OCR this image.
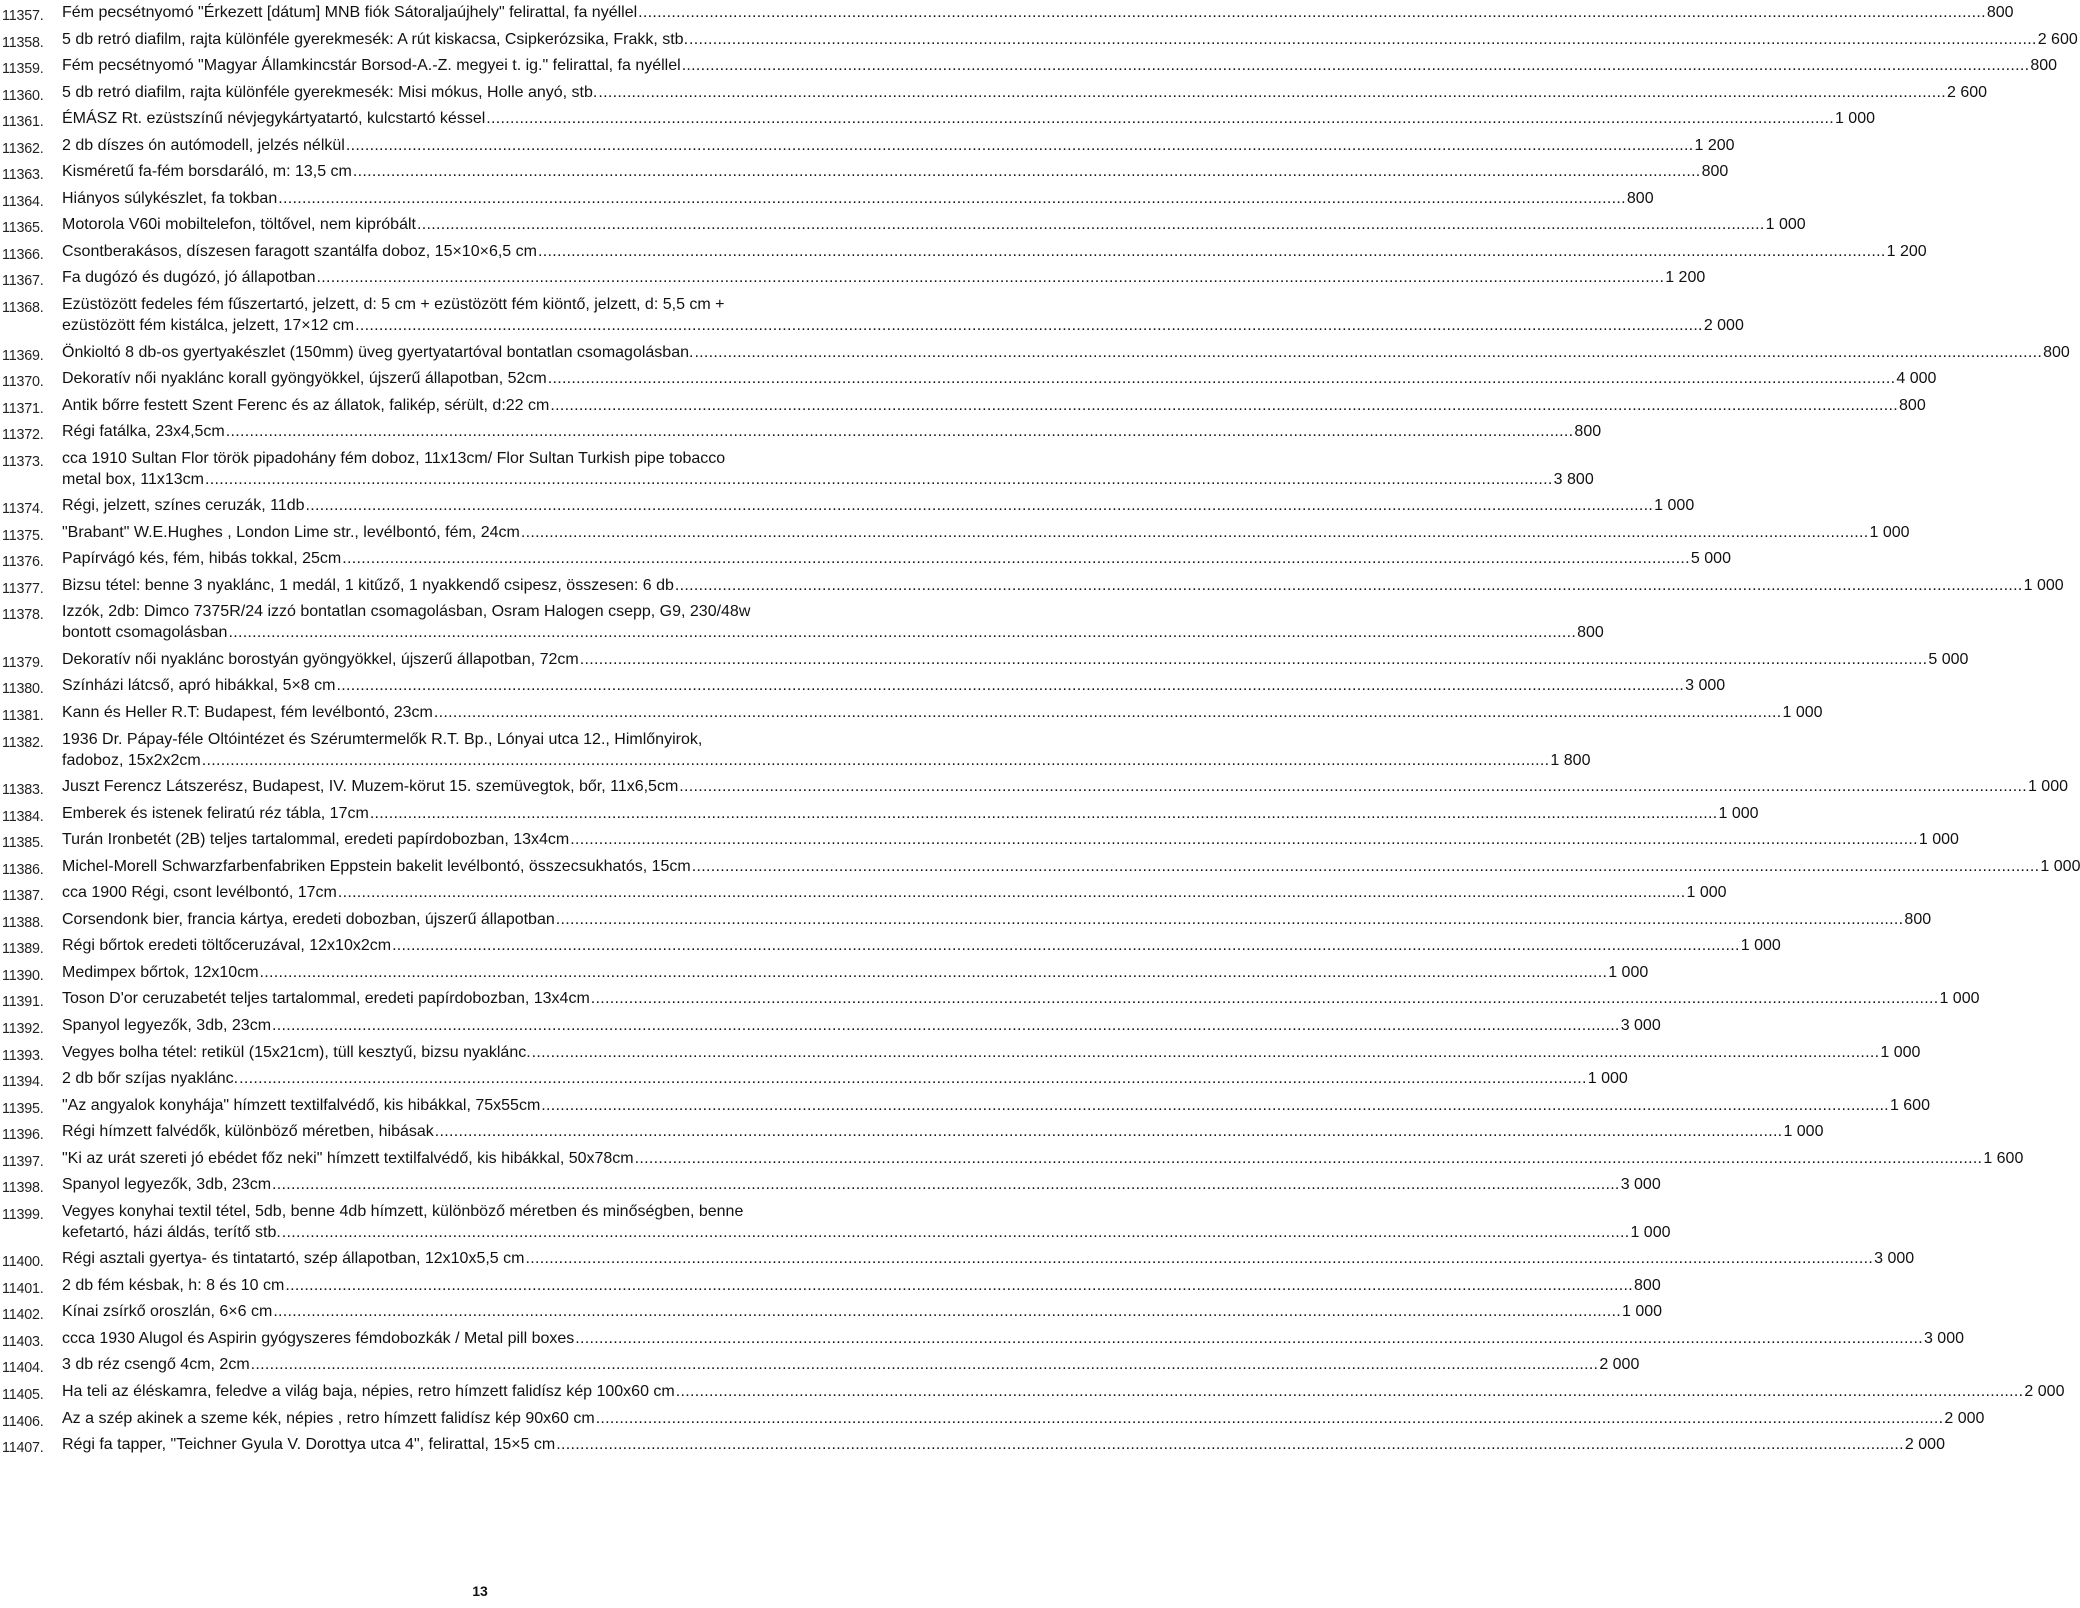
11357. Fém pecsétnyomó "Érkezett [dátum] MNB fiók Sátoraljaújhely" felirattal, fa nyéllel .....	800
11358. 5 db retró diafilm, rajta különféle gyerekmesék: A rút kiskacsa, Csipkerózsika, Frakk, stb. .....	2 600
11359. Fém pecsétnyomó "Magyar Államkincstár Borsod-A.-Z. megyei t. ig." felirattal, fa nyéllel .....	800
11360. 5 db retró diafilm, rajta különféle gyerekmesék: Misi mókus, Holle anyó, stb. .....	2 600
11361. ÉMÁSZ Rt. ezüstszínű névjegykártyatartó, kulcstartó késsel .....	1 000
11362. 2 db díszes ón autómodell, jelzés nélkül .....	1 200
11363. Kisméretű fa-fém borsdaráló, m: 13,5 cm .....	800
11364. Hiányos súlykészlet, fa tokban .....	800
11365. Motorola V60i mobiltelefon, töltővel, nem kipróbált .....	1 000
11366. Csontberakásos, díszesen faragott szantálfa doboz, 15×10×6,5 cm .....	1 200
11367. Fa dugózó és dugózó, jó állapotban .....	1 200
11368. Ezüstözött fedeles fém fűszertartó, jelzett, d: 5 cm + ezüstözött fém kiöntő, jelzett, d: 5,5 cm +
ezüstözött fém kistálca, jelzett, 17×12 cm .....	2 000
11369. Önkioltó 8 db-os gyertyakészlet (150mm) üveg gyertyatartóval bontatlan csomagolásban. .....	800
11370. Dekoratív női nyaklánc korall gyöngyökkel, újszerű állapotban, 52cm .....	4 000
11371. Antik bőrre festett Szent Ferenc és az állatok, falikép, sérült, d:22 cm .....	800
11372. Régi fatálka, 23x4,5cm .....	800
11373. cca 1910 Sultan Flor török pipadohány fém doboz, 11x13cm/ Flor Sultan Turkish pipe tobacco
metal box, 11x13cm .....	3 800
11374. Régi, jelzett, színes ceruzák, 11db .....	1 000
11375. "Brabant" W.E.Hughes , London Lime str., levélbontó, fém, 24cm .....	1 000
11376. Papírvágó kés, fém, hibás tokkal, 25cm .....	5 000
11377. Bizsu tétel: benne 3 nyaklánc, 1 medál, 1 kitűző, 1 nyakkendő csipesz, összesen: 6 db .....	1 000
11378. Izzók, 2db: Dimco 7375R/24 izzó bontatlan csomagolásban, Osram Halogen csepp, G9, 230/48w
bontott csomagolásban .....	800
11379. Dekoratív női nyaklánc borostyán gyöngyökkel, újszerű állapotban, 72cm .....	5 000
11380. Színházi látcső, apró hibákkal, 5×8 cm .....	3 000
11381. Kann és Heller R.T: Budapest, fém levélbontó, 23cm .....	1 000
11382. 1936 Dr. Pápay-féle Oltóintézet és Szérumtermelők R.T. Bp., Lónyai utca 12., Himlőnyirok,
fadoboz, 15x2x2cm .....	1 800
11383. Juszt Ferencz Látszerész, Budapest, IV. Muzem-körut 15. szemüvegtok, bőr, 11x6,5cm .....	1 000
11384. Emberek és istenek feliratú réz tábla, 17cm .....	1 000
11385. Turán Ironbetét (2B) teljes tartalommal, eredeti papírdobozban, 13x4cm .....	1 000
11386. Michel-Morell Schwarzfarbenfabriken Eppstein bakelit levélbontó, összecsukhatós, 15cm .....	1 000
11387. cca 1900 Régi, csont levélbontó, 17cm .....	1 000
11388. Corsendonk bier, francia kártya, eredeti dobozban, újszerű állapotban .....	800
11389. Régi bőrtok eredeti töltőceruzával, 12x10x2cm .....	1 000
11390. Medimpex bőrtok, 12x10cm .....	1 000
11391. Toson D'or ceruzabetét teljes tartalommal, eredeti papírdobozban, 13x4cm .....	1 000
11392. Spanyol legyezők, 3db, 23cm .....	3 000
11393. Vegyes bolha tétel: retikül (15x21cm), tüll kesztyű, bizsu nyaklánc. .....	1 000
11394. 2 db bőr szíjas nyaklánc. .....	1 000
11395. "Az angyalok konyhája" hímzett textilfalvédő, kis hibákkal, 75x55cm .....	1 600
11396. Régi hímzett falvédők, különböző méretben, hibásak .....	1 000
11397. "Ki az urát szereti jó ebédet főz neki" hímzett textilfalvédő, kis hibákkal, 50x78cm .....	1 600
11398. Spanyol legyezők, 3db, 23cm .....	3 000
11399. Vegyes konyhai textil tétel, 5db, benne 4db hímzett, különböző méretben és minőségben, benne
kefetartó, házi áldás, terítő stb. .....	1 000
11400. Régi asztali gyertya- és tintatartó, szép állapotban, 12x10x5,5 cm .....	3 000
11401. 2 db fém késbak, h: 8 és 10 cm .....	800
11402. Kínai zsírkő oroszlán, 6×6 cm .....	1 000
11403. ccca 1930 Alugol és Aspirin gyógyszeres fémdobozkák / Metal pill boxes .....	3 000
11404. 3 db réz csengő 4cm, 2cm .....	2 000
11405. Ha teli az éléskamra, feledve a világ baja, népies, retro hímzett falidísz kép 100x60 cm .....	2 000
11406. Az a szép akinek a szeme kék, népies , retro hímzett falidísz kép 90x60 cm .....	2 000
11407. Régi fa tapper, "Teichner Gyula V. Dorottya utca 4", felirattal, 15×5 cm .....	2 000
13
